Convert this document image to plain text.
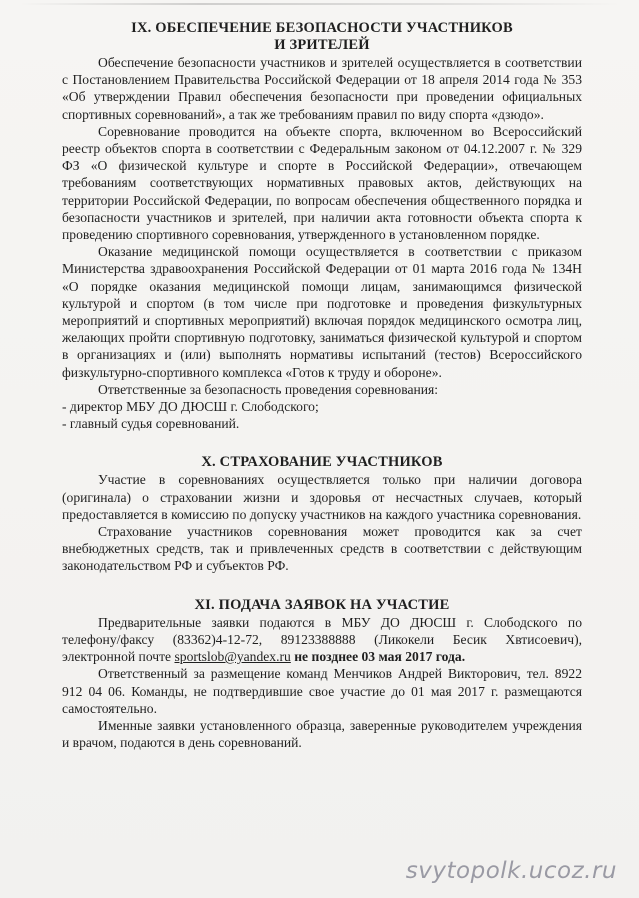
IX. ОБЕСПЕЧЕНИЕ БЕЗОПАСНОСТИ УЧАСТНИКОВ
И ЗРИТЕЛЕЙ

Обеспечение безопасности участников и зрителей осуществляется в соответствии с Постановлением Правительства Российской Федерации от 18 апреля 2014 года № 353 «Об утверждении Правил обеспечения безопасности при проведении официальных спортивных соревнований», а так же требованиям правил по виду спорта «дзюдо».

Соревнование проводится на объекте спорта, включенном во Всероссийский реестр объектов спорта в соответствии с Федеральным законом от 04.12.2007 г. № 329 ФЗ «О физической культуре и спорте в Российской Федерации», отвечающем требованиям соответствующих нормативных правовых актов, действующих на территории Российской Федерации, по вопросам обеспечения общественного порядка и безопасности участников и зрителей, при наличии акта готовности объекта спорта к проведению спортивного соревнования, утвержденного в установленном порядке.

Оказание медицинской помощи осуществляется в соответствии с приказом Министерства здравоохранения Российской Федерации от 01 марта 2016 года № 134Н «О порядке оказания медицинской помощи лицам, занимающимся физической культурой и спортом (в том числе при подготовке и проведения физкультурных мероприятий и спортивных мероприятий) включая порядок медицинского осмотра лиц, желающих пройти спортивную подготовку, заниматься физической культурой и спортом в организациях и (или) выполнять нормативы испытаний (тестов) Всероссийского физкультурно-спортивного комплекса «Готов к труду и обороне».

Ответственные за безопасность проведения соревнования:

- директор МБУ ДО ДЮСШ г. Слободского;

- главный судья соревнований.

X. СТРАХОВАНИЕ УЧАСТНИКОВ

Участие в соревнованиях осуществляется только при наличии договора (оригинала) о страховании жизни и здоровья от несчастных случаев, который предоставляется в комиссию по допуску участников на каждого участника соревнования.

Страхование участников соревнования может проводится как за счет внебюджетных средств, так и привлеченных средств в соответствии с действующим законодательством РФ и субъектов РФ.

XI. ПОДАЧА ЗАЯВОК НА УЧАСТИЕ

Предварительные заявки подаются в МБУ ДО ДЮСШ г. Слободского по телефону/факсу (83362)4-12-72, 89123388888 (Ликокели Бесик Хвтисоевич), электронной почте sportslob@yandex.ru не позднее 03 мая 2017 года.

Ответственный за размещение команд Менчиков Андрей Викторович, тел. 8922 912 04 06. Команды, не подтвердившие свое участие до 01 мая 2017 г. размещаются самостоятельно.

Именные заявки установленного образца, заверенные руководителем учреждения и врачом, подаются в день соревнований.

svytopolk.ucoz.ru
